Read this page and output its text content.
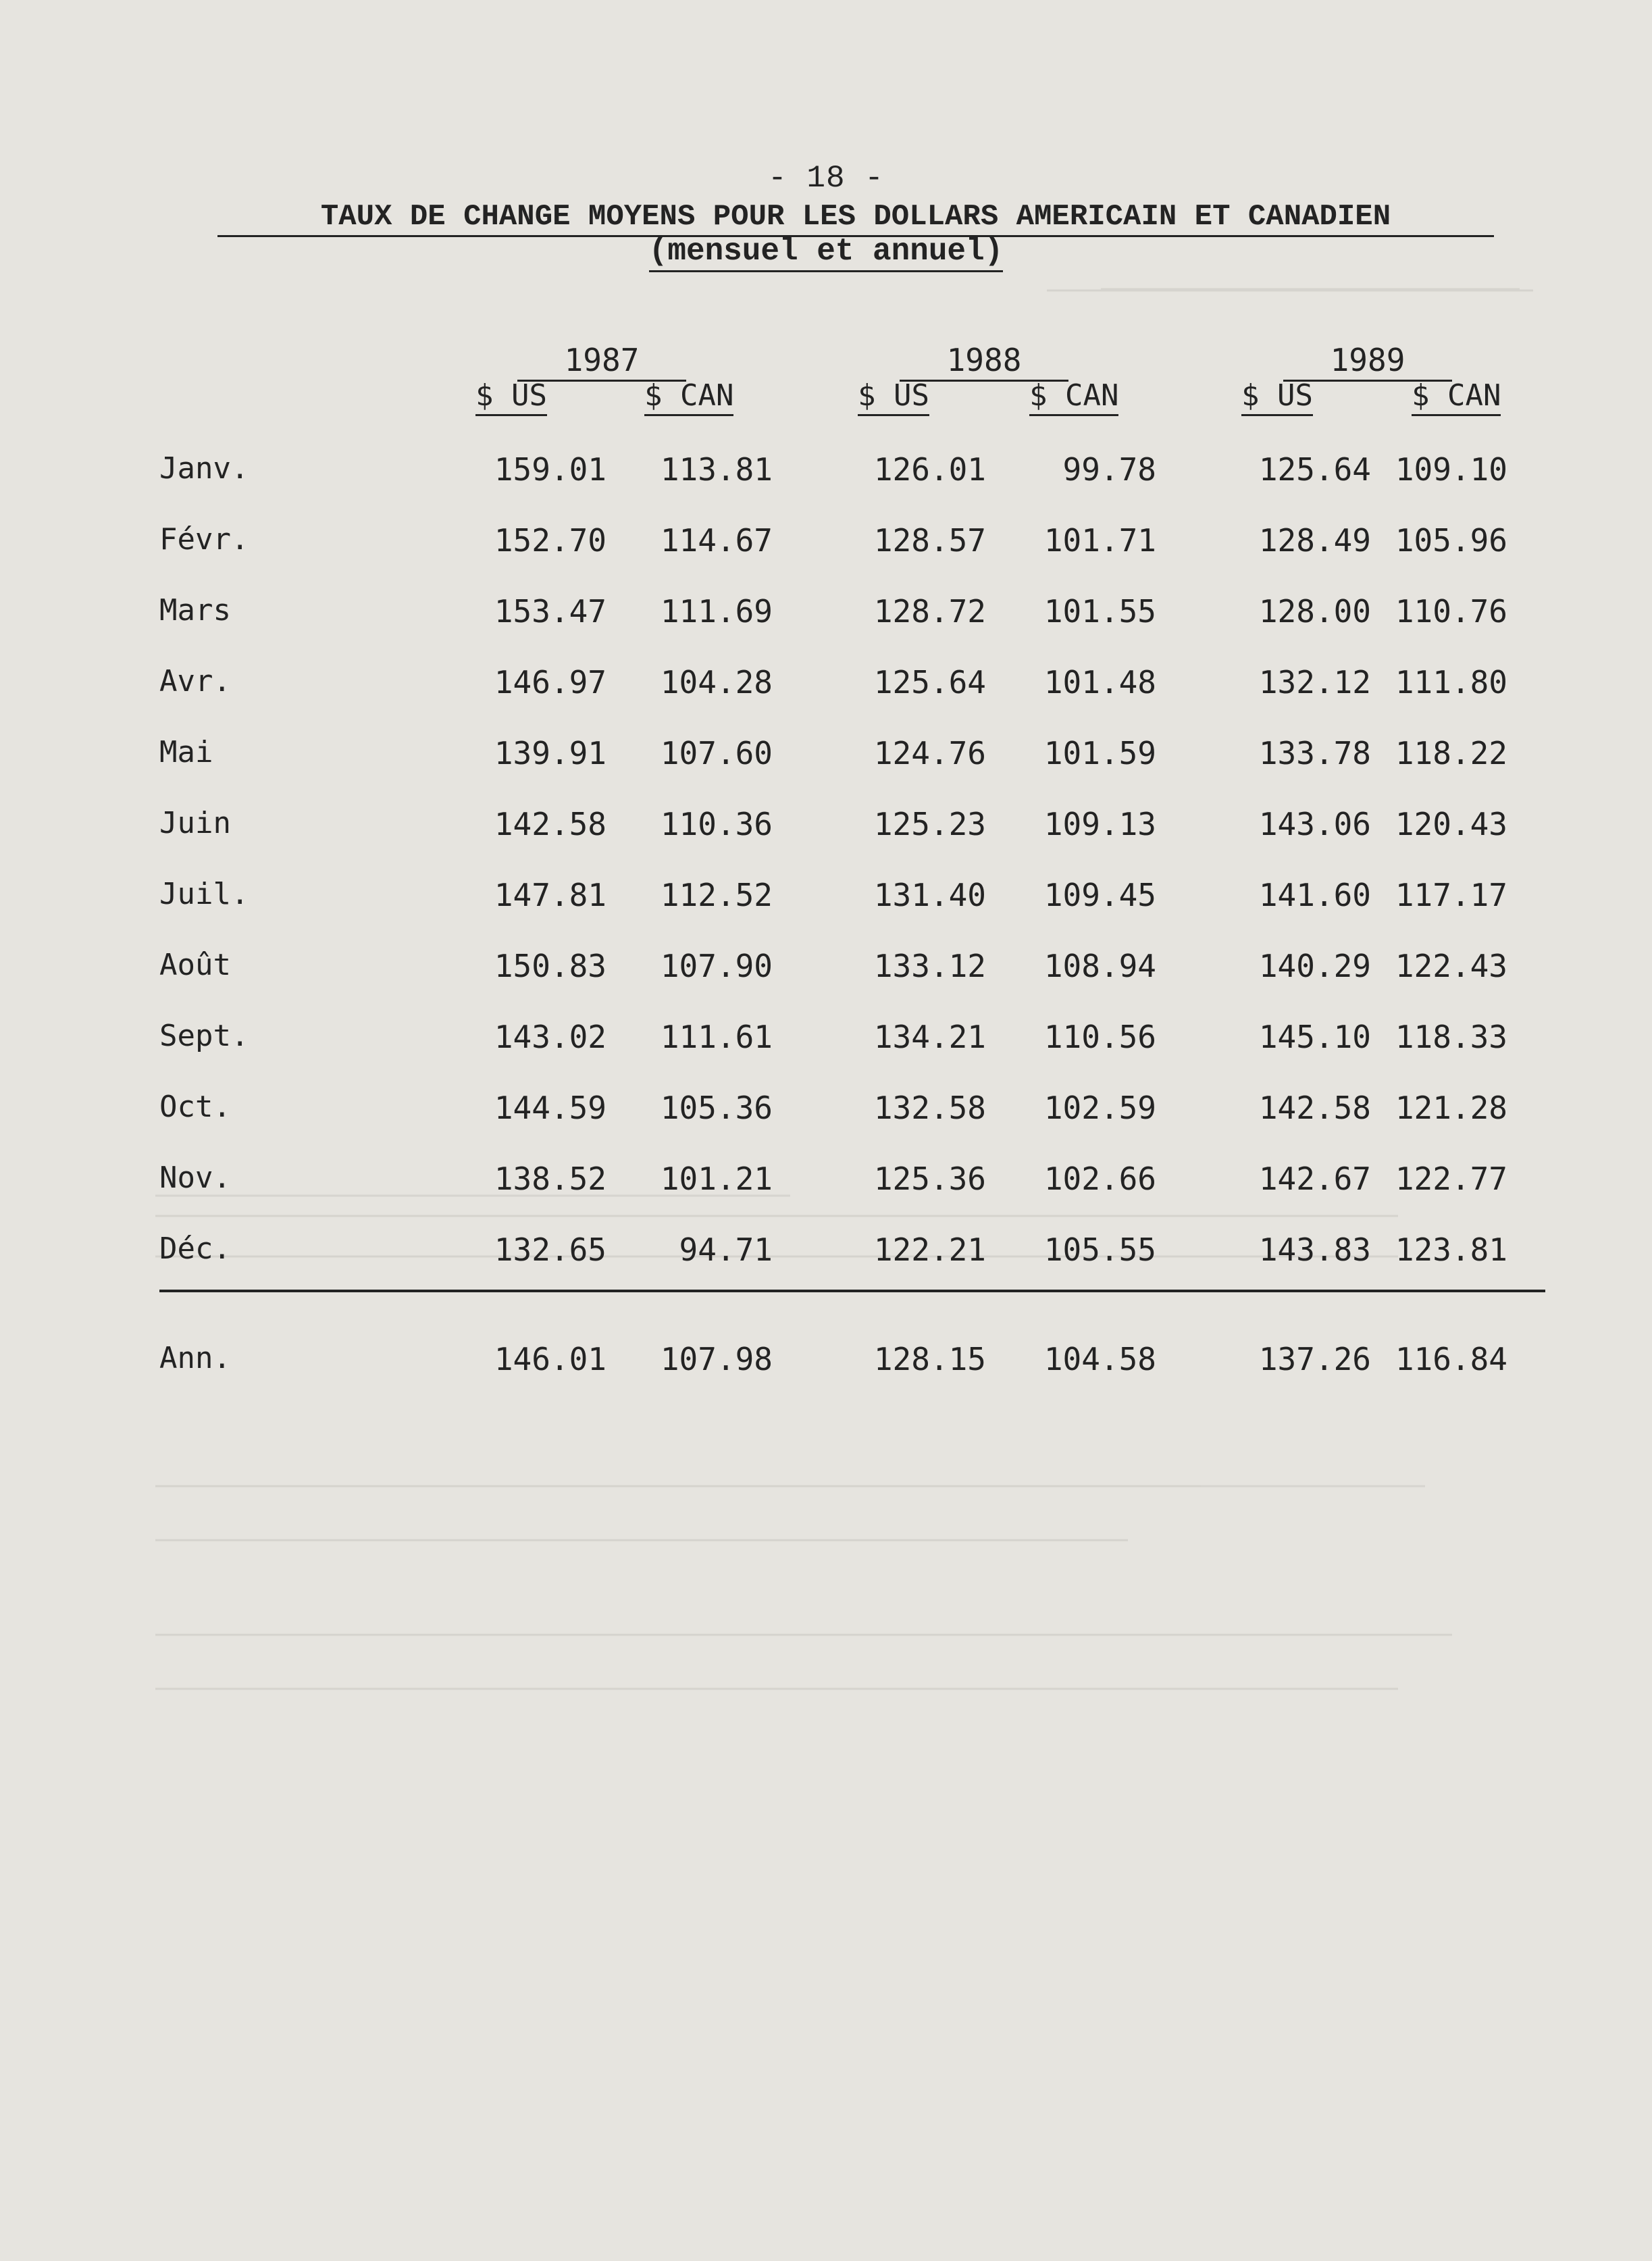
- 18 -
TAUX DE CHANGE MOYENS POUR LES DOLLARS AMERICAIN ET CANADIEN
(mensuel et annuel)
1987	1988	1989
$ US	$ CAN	$ US	$ CAN	$ US	$ CAN
Janv.	159.01	113.81	126.01	99.78	125.64 109.10
Févr.	152.70	114.67	128.57	101.71	128.49 105.96
Mars	153.47	111.69	128.72	101.55	128.00 110.76
Avr.	146.97	104.28	125.64	101.48	132.12 111.80
Mai	139.91	107.60	124.76	101.59	133.78 118.22
Juin	142.58	110.36	125.23	109.13	143.06 120.43
Juil.	147.81	112.52	131.40	109.45	141.60 117.17
Août	150.83	107.90	133.12	108.94	140.29 122.43
Sept.	143.02	111.61	134.21	110.56	145.10 118.33
Oct.	144.59	105.36	132.58	102.59	142.58 121.28
Nov.	138.52	101.21	125.36	102.66	142.67 122.77
Déc.	132.65	94.71	122.21	105.55	143.83 123.81
Ann.	146.01	107.98	128.15	104.58	137.26 116.84
